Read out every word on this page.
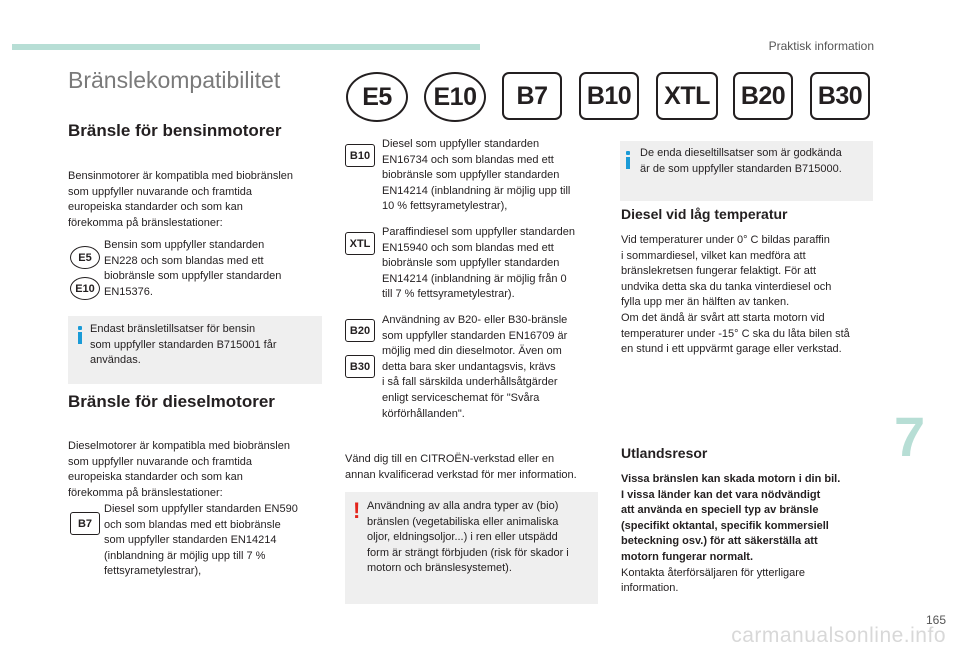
Praktisk information
Bränslekompatibilitet
E5	E10	B7	B10	XTL	B20	B30
Bränsle för bensinmotorer
Bensinmotorer är kompatibla med biobränslen
som uppfyller nuvarande och framtida
europeiska standarder och som kan
förekomma på bränslestationer:
E5
E10
Bensin som uppfyller standarden
EN228 och som blandas med ett
biobränsle som uppfyller standarden
EN15376.
Endast bränsletillsatser för bensin
som uppfyller standarden B715001 får
användas.
Bränsle för dieselmotorer
Dieselmotorer är kompatibla med biobränslen
som uppfyller nuvarande och framtida
europeiska standarder och som kan
förekomma på bränslestationer:
B7
Diesel som uppfyller standarden EN590
och som blandas med ett biobränsle
som uppfyller standarden EN14214
(inblandning är möjlig upp till 7 %
fettsyrametylestrar),
B10
Diesel som uppfyller standarden
EN16734 och som blandas med ett
biobränsle som uppfyller standarden
EN14214 (inblandning är möjlig upp till
10 % fettsyrametylestrar),
XTL
Paraffindiesel som uppfyller standarden
EN15940 och som blandas med ett
biobränsle som uppfyller standarden
EN14214 (inblandning är möjlig från 0
till 7 % fettsyrametylestrar).
B20
B30
Användning av B20- eller B30-bränsle
som uppfyller standarden EN16709 är
möjlig med din dieselmotor. Även om
detta bara sker undantagsvis, krävs
i så fall särskilda underhållsåtgärder
enligt serviceschemat för "Svåra
körförhållanden".
Vänd dig till en CITROËN-verkstad eller en
annan kvalificerad verkstad för mer information.
! Användning av alla andra typer av (bio)
bränslen (vegetabiliska eller animaliska
oljor, eldningsoljor...) i ren eller utspädd
form är strängt förbjuden (risk för skador i
motorn och bränslesystemet).
De enda dieseltillsatser som är godkända
är de som uppfyller standarden B715000.
Diesel vid låg temperatur
Vid temperaturer under 0° C bildas paraffin
i sommardiesel, vilket kan medföra att
bränslekretsen fungerar felaktigt. För att
undvika detta ska du tanka vinterdiesel och
fylla upp mer än hälften av tanken.
Om det ändå är svårt att starta motorn vid
temperaturer under -15° C ska du låta bilen stå
en stund i ett uppvärmt garage eller verkstad.
Utlandsresor
Vissa bränslen kan skada motorn i din bil.
I vissa länder kan det vara nödvändigt
att använda en speciell typ av bränsle
(specifikt oktantal, specifik kommersiell
beteckning osv.) för att säkerställa att
motorn fungerar normalt.
Kontakta återförsäljaren för ytterligare
information.
7
165
carmanualsonline.info
